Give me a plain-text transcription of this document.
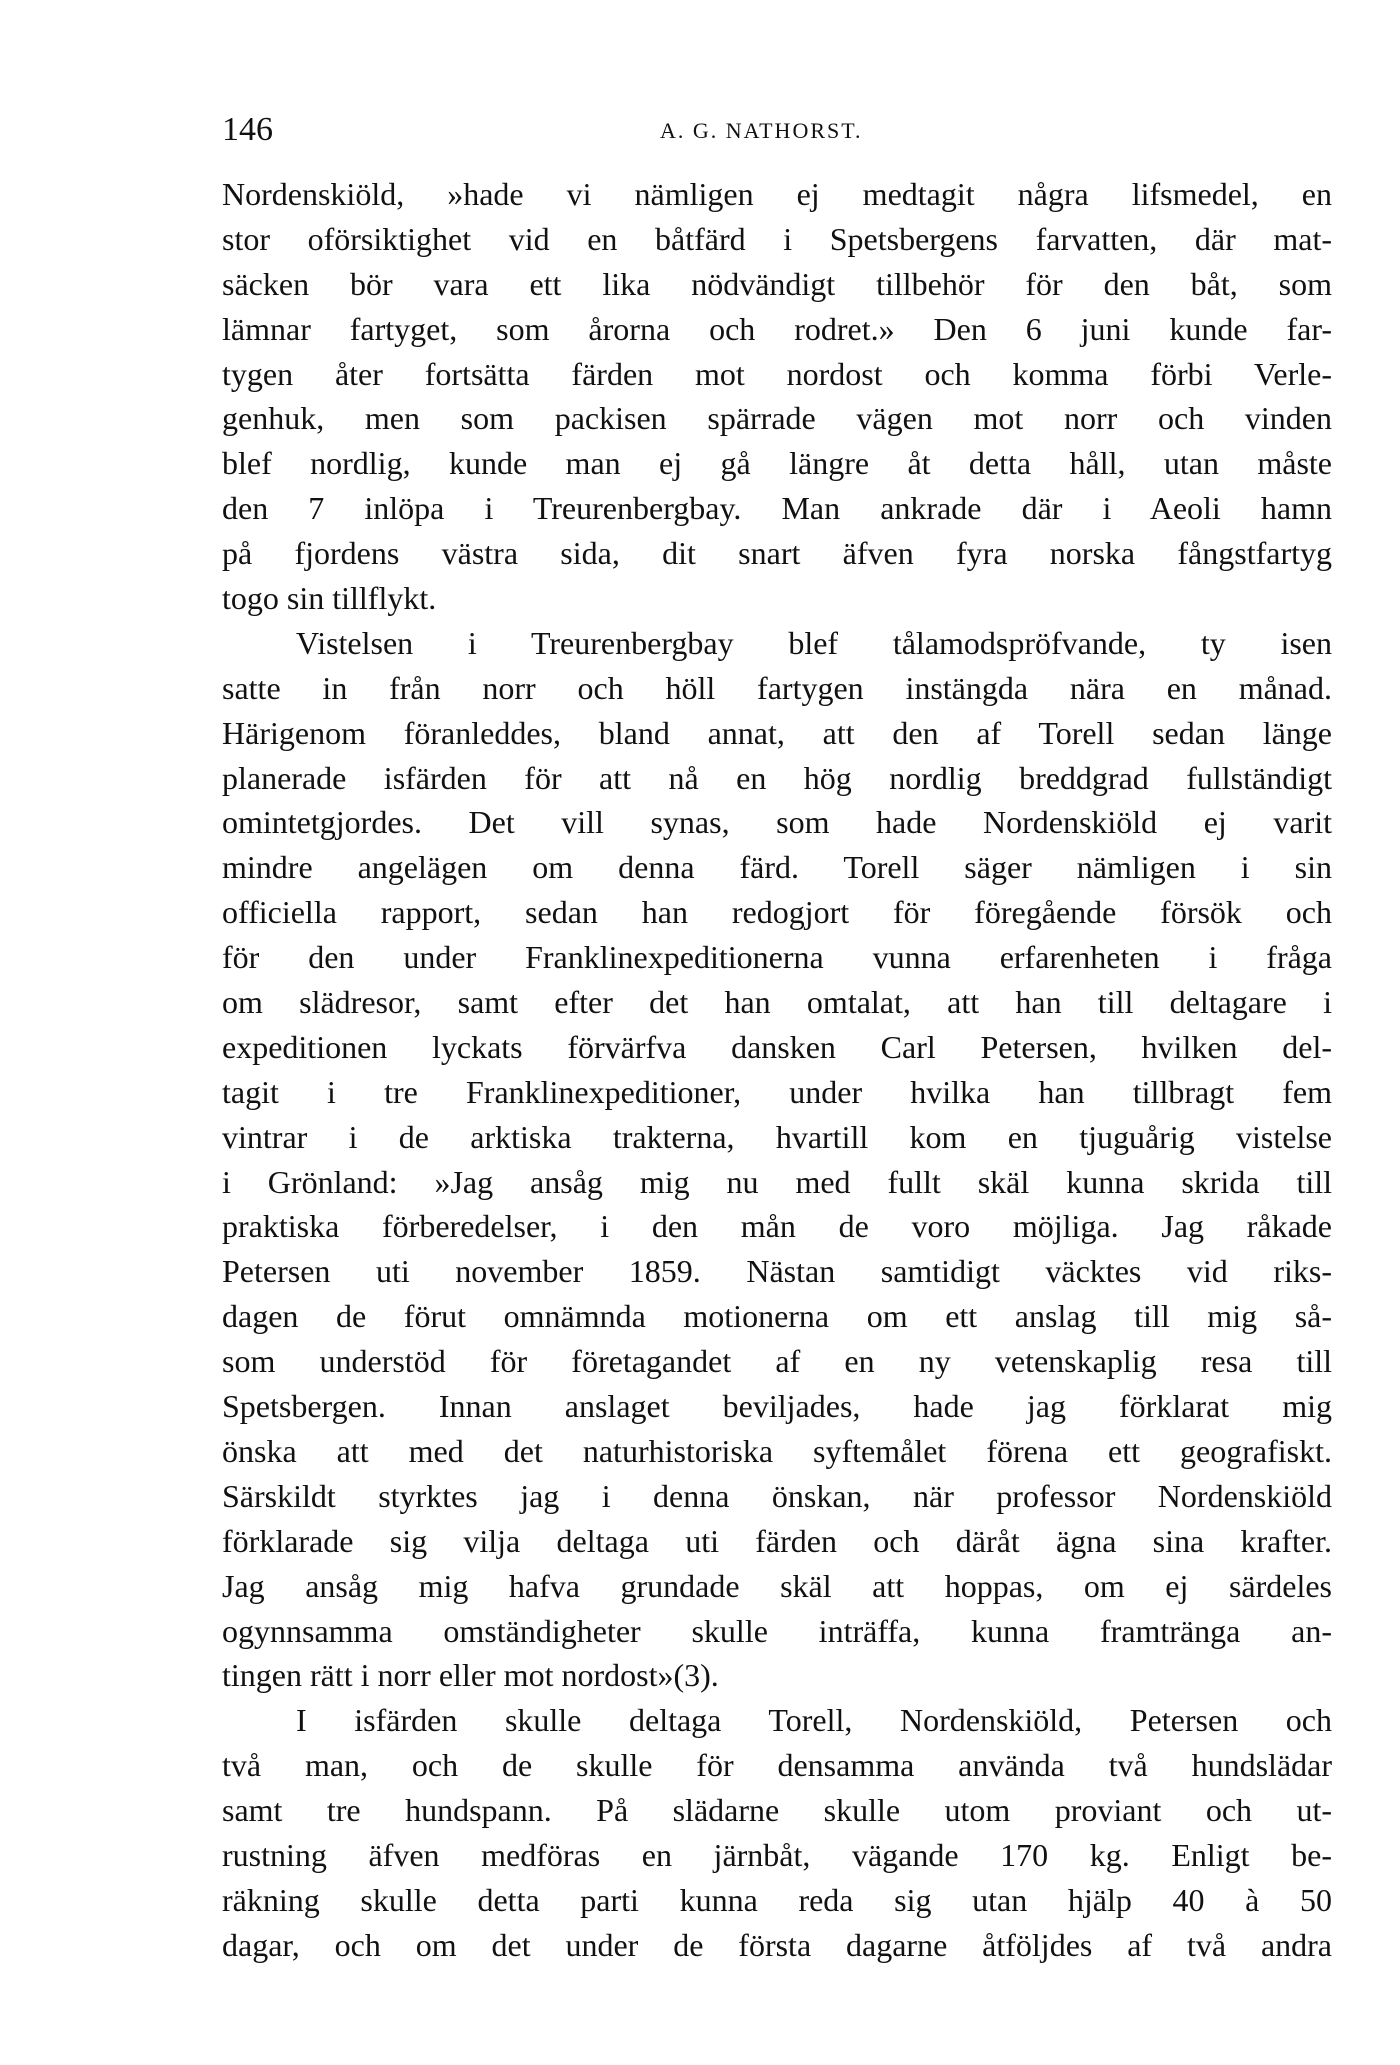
146	A. G. NATHORST.
Nordenskiöld, »hade vi nämligen ej medtagit några lifsmedel, en
stor oförsiktighet vid en båtfärd i Spetsbergens farvatten, där mat-
säcken bör vara ett lika nödvändigt tillbehör för den båt, som
lämnar fartyget, som årorna och rodret.» Den 6 juni kunde far-
tygen åter fortsätta färden mot nordost och komma förbi Verle-
genhuk, men som packisen spärrade vägen mot norr och vinden
blef nordlig, kunde man ej gå längre åt detta håll, utan måste
den 7 inlöpa i Treurenbergbay. Man ankrade där i Aeoli hamn
på fjordens västra sida, dit snart äfven fyra norska fångstfartyg
togo sin tillflykt.
Vistelsen i Treurenbergbay blef tålamodspröfvande, ty isen
satte in från norr och höll fartygen instängda nära en månad.
Härigenom föranleddes, bland annat, att den af Torell sedan länge
planerade isfärden för att nå en hög nordlig breddgrad fullständigt
omintetgjordes. Det vill synas, som hade Nordenskiöld ej varit
mindre angelägen om denna färd. Torell säger nämligen i sin
officiella rapport, sedan han redogjort för föregående försök och
för den under Franklinexpeditionerna vunna erfarenheten i fråga
om slädresor, samt efter det han omtalat, att han till deltagare i
expeditionen lyckats förvärfva dansken Carl Petersen, hvilken del-
tagit i tre Franklinexpeditioner, under hvilka han tillbragt fem
vintrar i de arktiska trakterna, hvartill kom en tjuguårig vistelse
i Grönland: »Jag ansåg mig nu med fullt skäl kunna skrida till
praktiska förberedelser, i den mån de voro möjliga. Jag råkade
Petersen uti november 1859. Nästan samtidigt väcktes vid riks-
dagen de förut omnämnda motionerna om ett anslag till mig så-
som understöd för företagandet af en ny vetenskaplig resa till
Spetsbergen. Innan anslaget beviljades, hade jag förklarat mig
önska att med det naturhistoriska syftemålet förena ett geografiskt.
Särskildt styrktes jag i denna önskan, när professor Nordenskiöld
förklarade sig vilja deltaga uti färden och däråt ägna sina krafter.
Jag ansåg mig hafva grundade skäl att hoppas, om ej särdeles
ogynnsamma omständigheter skulle inträffa, kunna framtränga an-
tingen rätt i norr eller mot nordost»(3).
I isfärden skulle deltaga Torell, Nordenskiöld, Petersen och
två man, och de skulle för densamma använda två hundslädar
samt tre hundspann. På slädarne skulle utom proviant och ut-
rustning äfven medföras en järnbåt, vägande 170 kg. Enligt be-
räkning skulle detta parti kunna reda sig utan hjälp 40 à 50
dagar, och om det under de första dagarne åtföljdes af två andra
